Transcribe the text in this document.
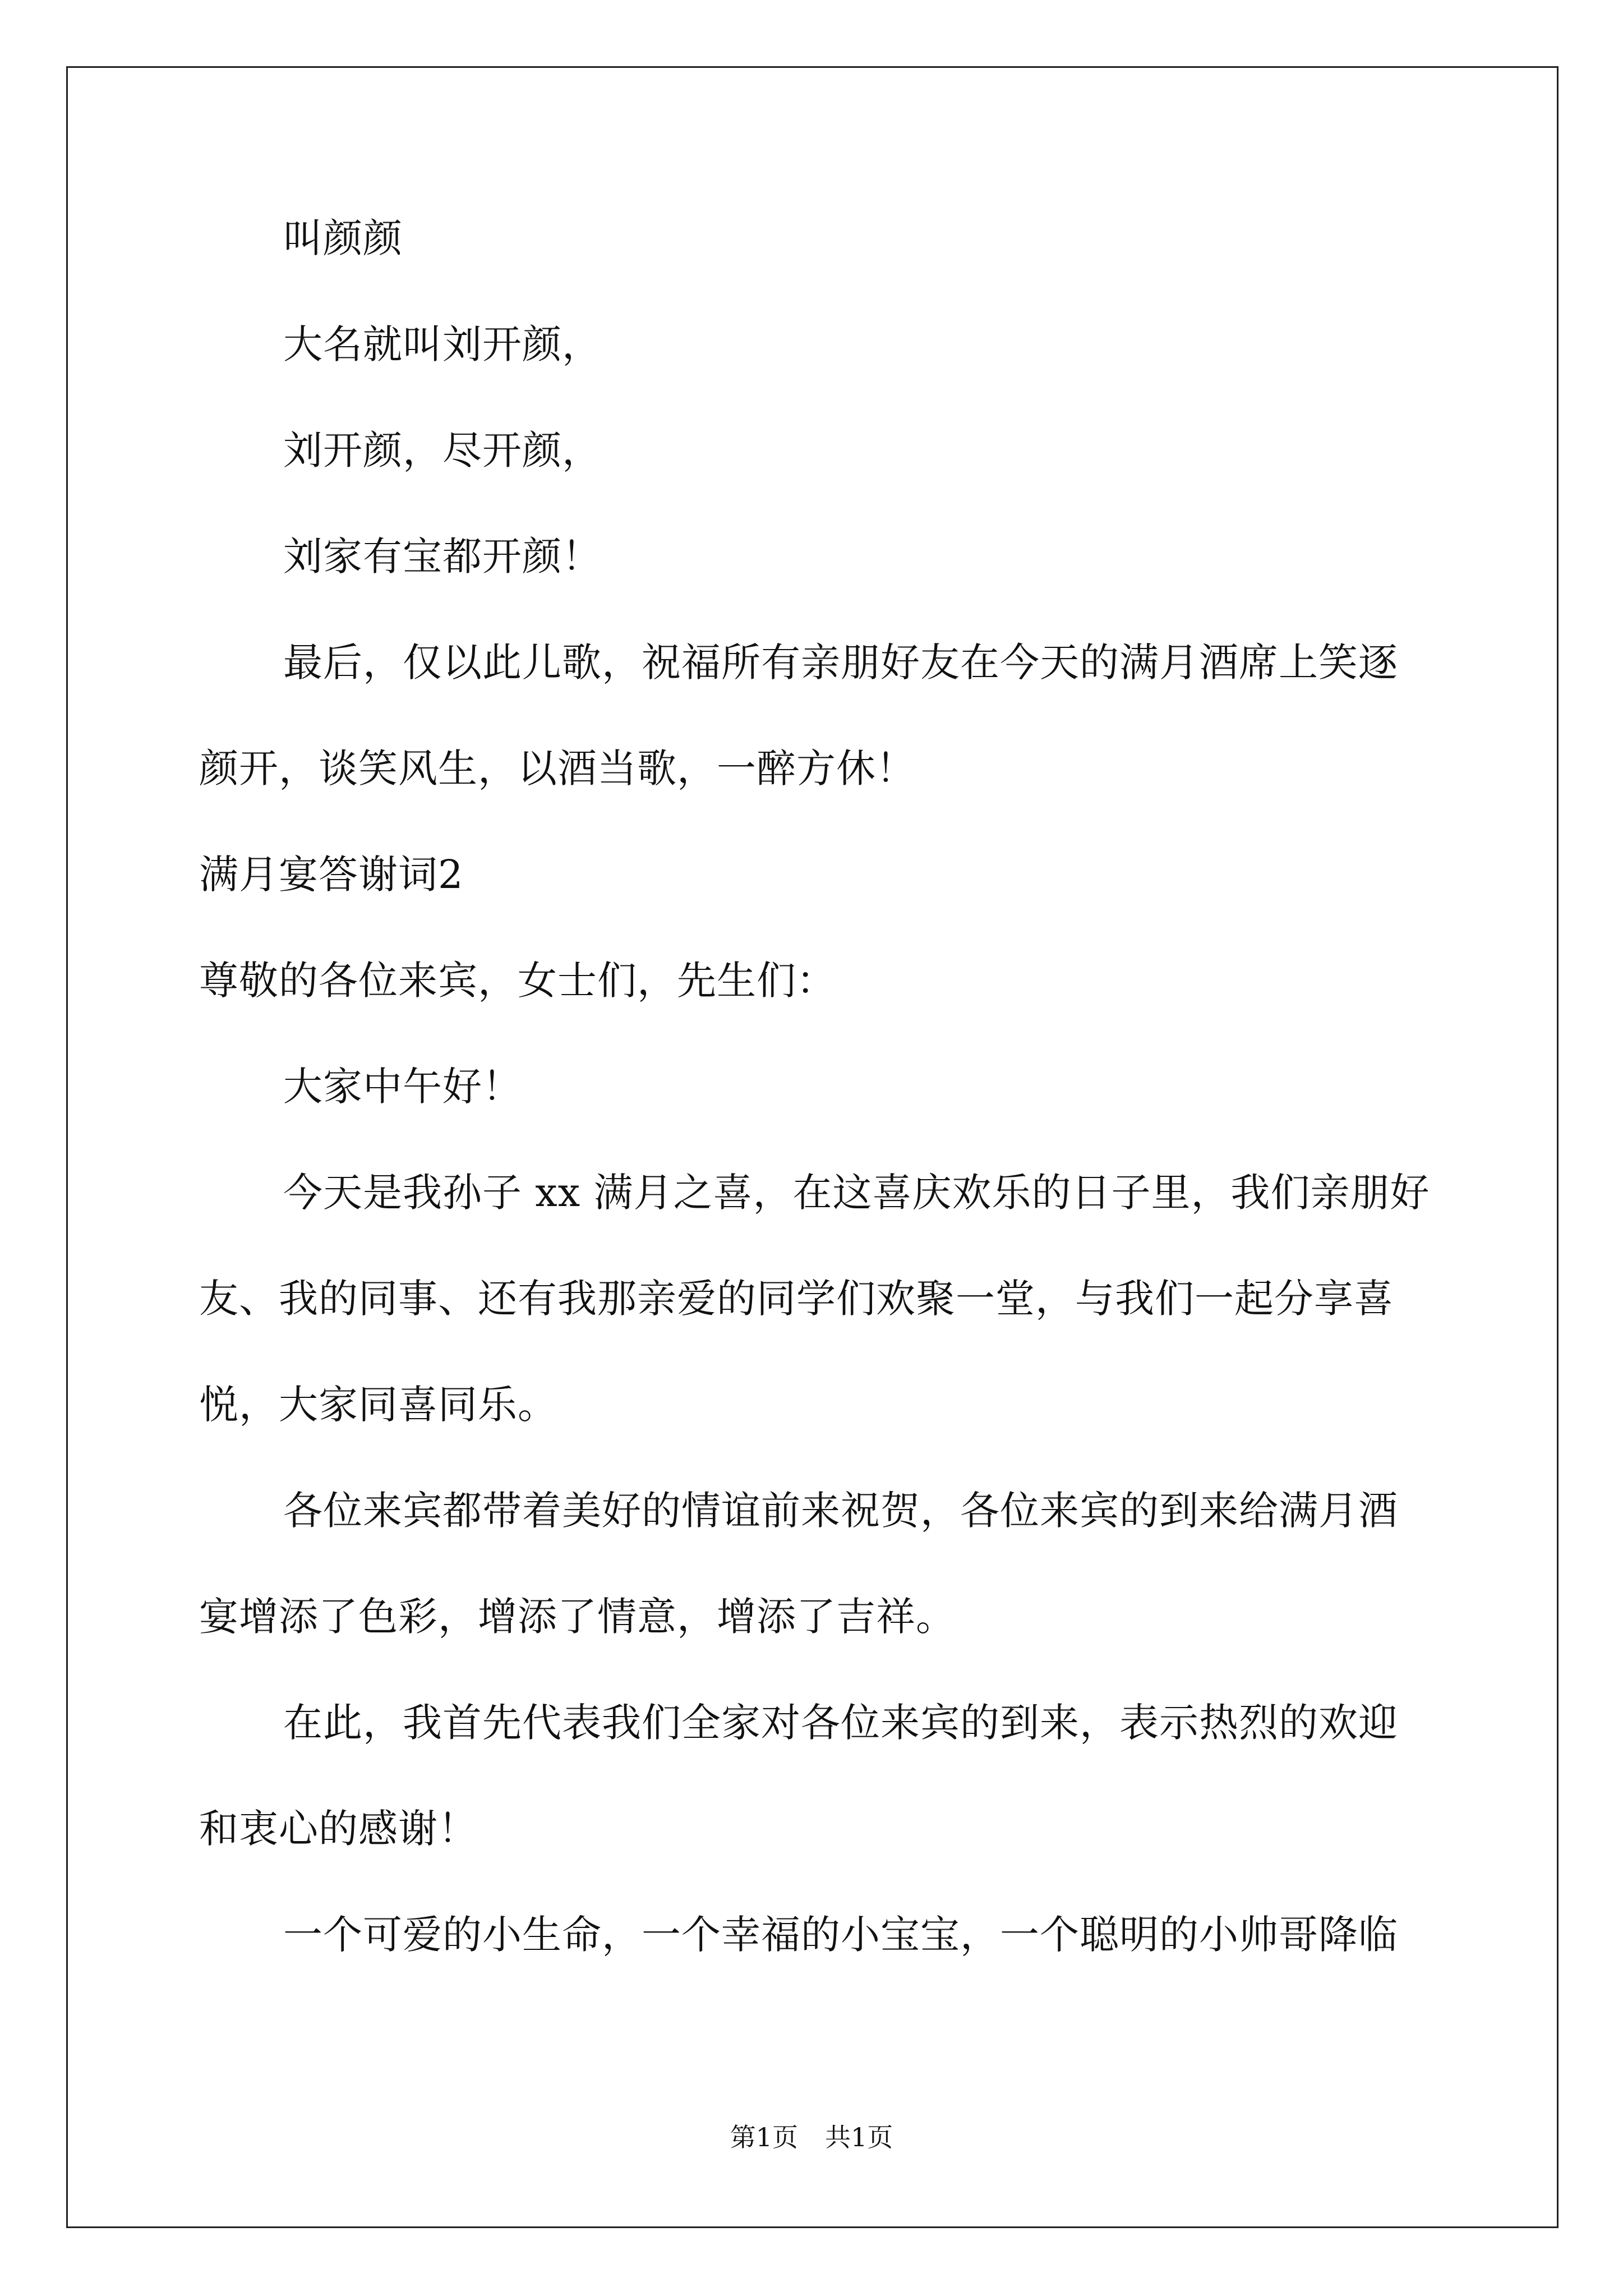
叫颜颜
大名就叫刘开颜，
刘开颜，尽开颜，
刘家有宝都开颜！
最后，仅以此儿歌，祝福所有亲朋好友在今天的满月酒席上笑逐
颜开，谈笑风生，以酒当歌，一醉方休！
满月宴答谢词2
尊敬的各位来宾，女士们，先生们：
大家中午好！
今天是我孙子 xx 满月之喜，在这喜庆欢乐的日子里，我们亲朋好
友、我的同事、还有我那亲爱的同学们欢聚一堂，与我们一起分享喜
悦，大家同喜同乐。
各位来宾都带着美好的情谊前来祝贺，各位来宾的到来给满月酒
宴增添了色彩，增添了情意，增添了吉祥。
在此，我首先代表我们全家对各位来宾的到来，表示热烈的欢迎
和衷心的感谢！
一个可爱的小生命，一个幸福的小宝宝，一个聪明的小帅哥降临
第1页 共1页
